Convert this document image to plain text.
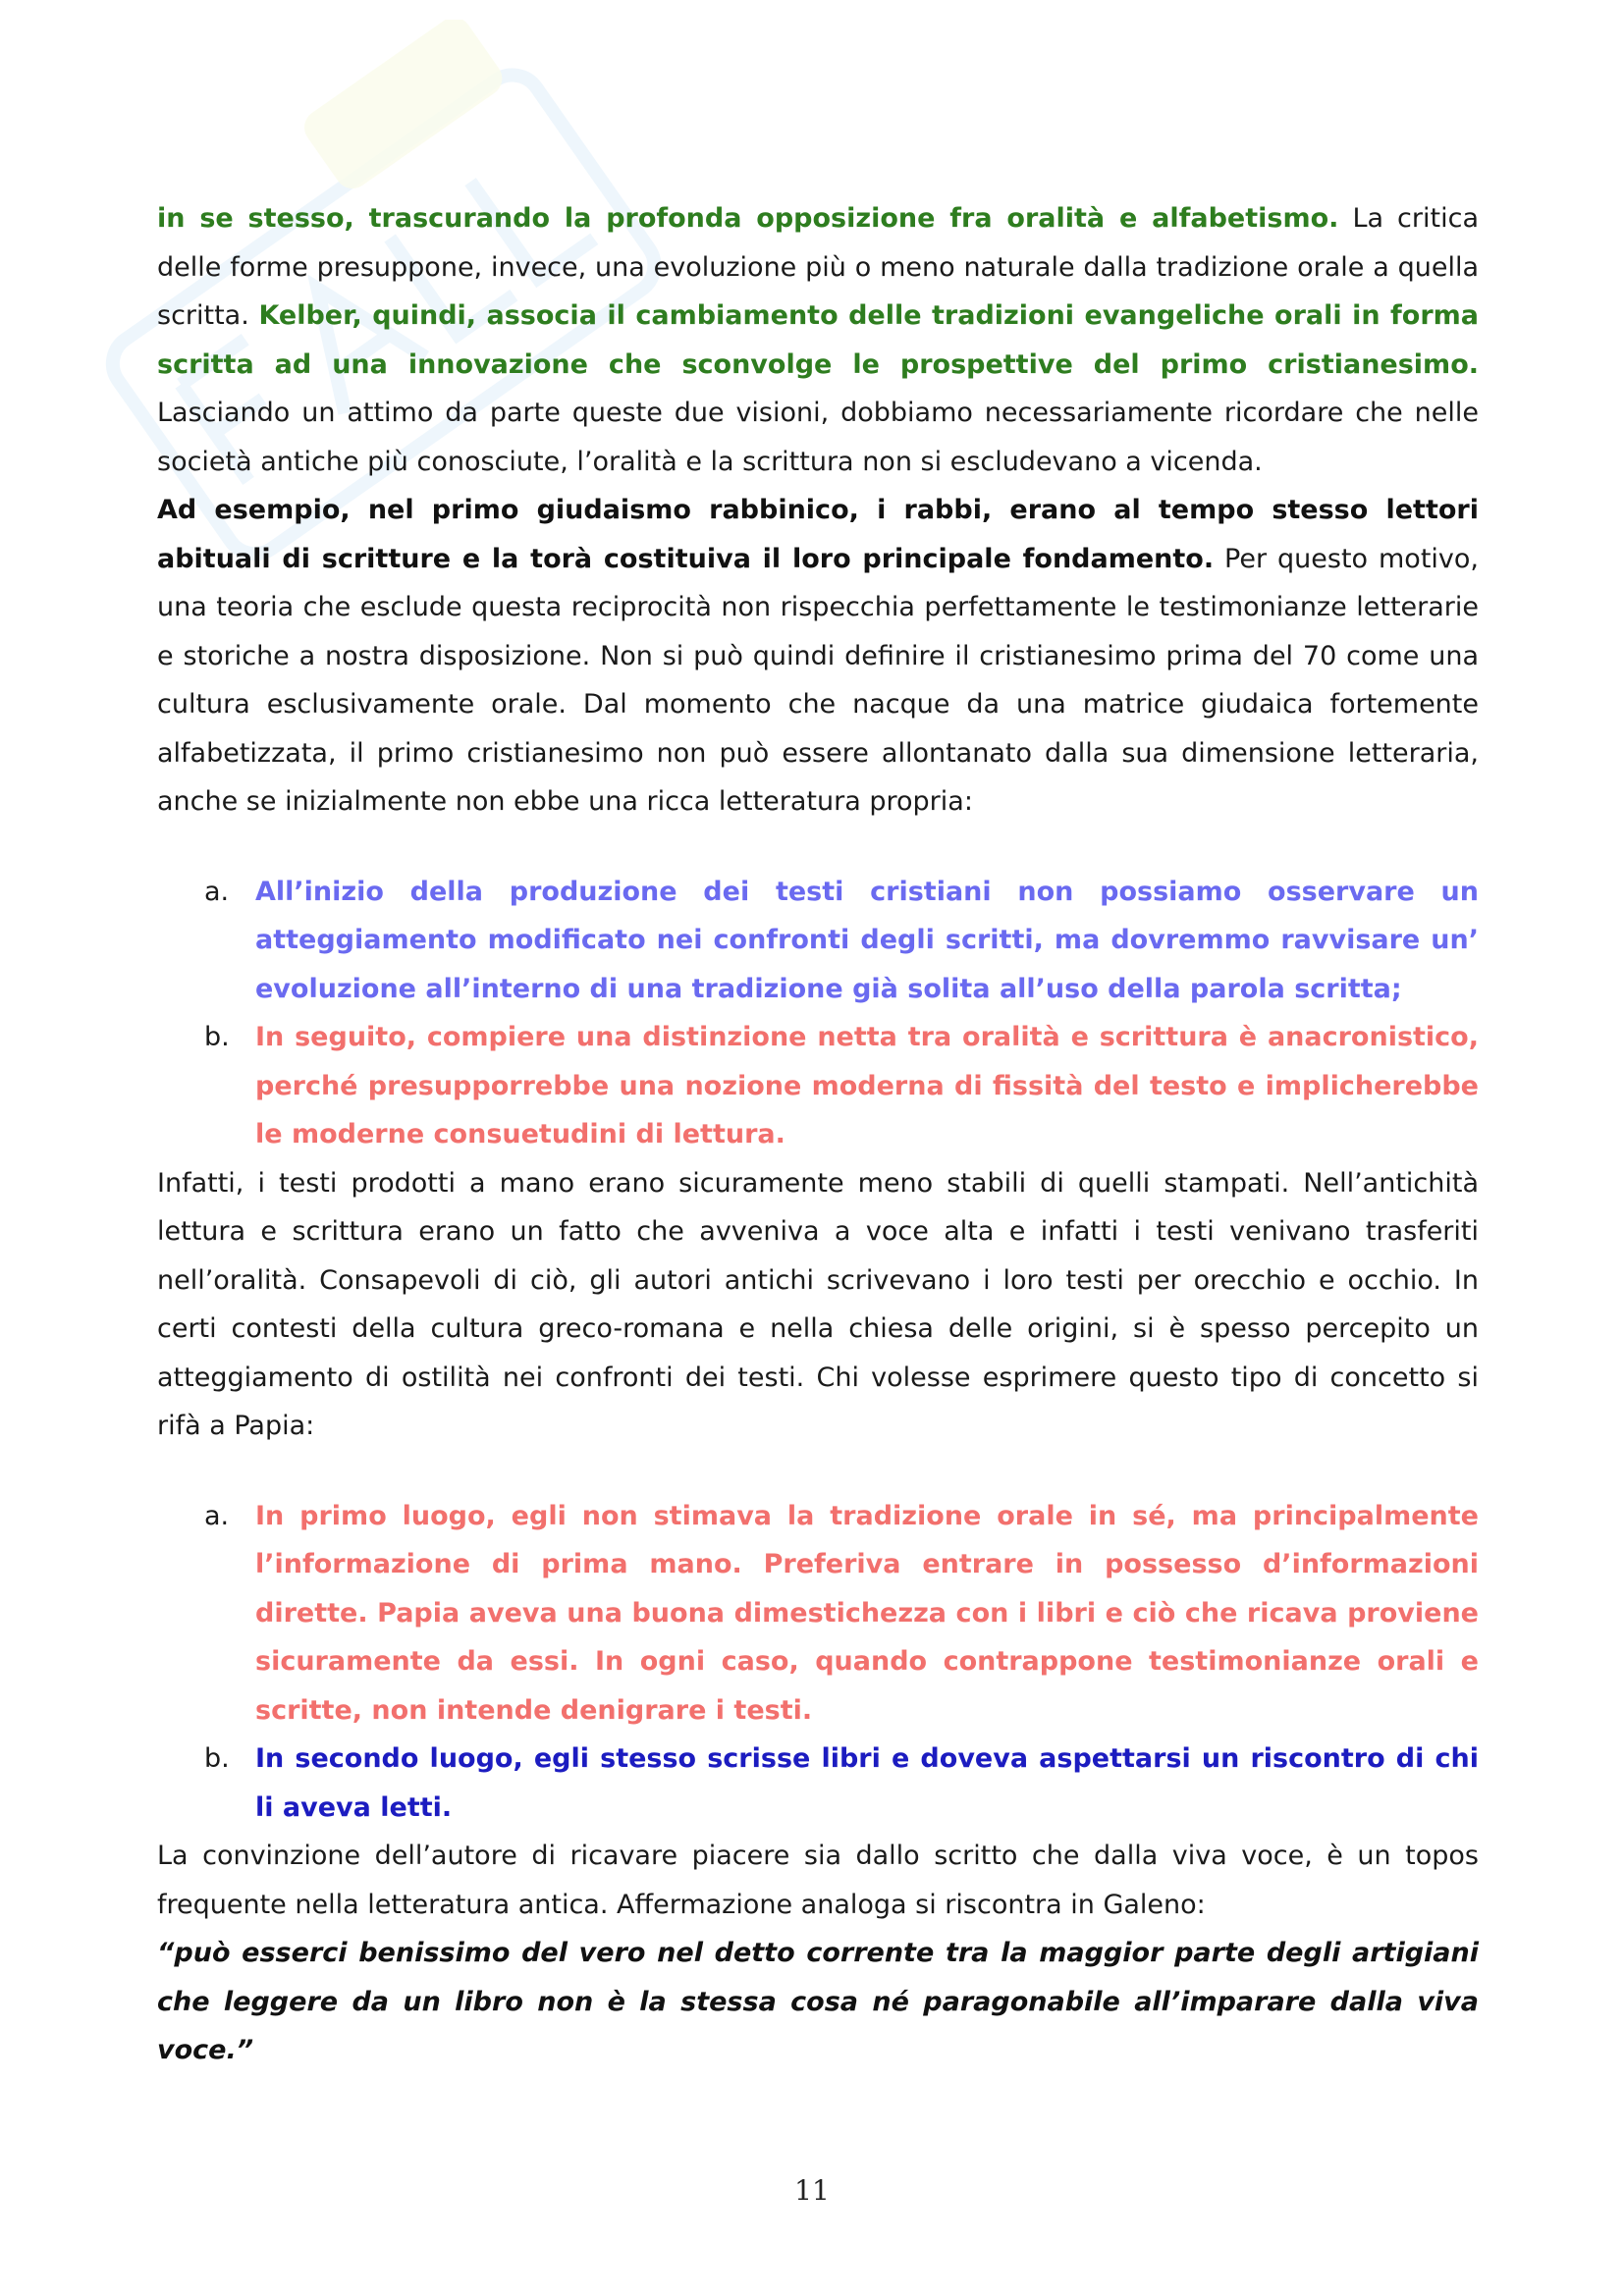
in se stesso, trascurando la profonda opposizione fra oralità e alfabetismo. La critica delle forme presuppone, invece, una evoluzione più o meno naturale dalla tradizione orale a quella scritta. Kelber, quindi, associa il cambiamento delle tradizioni evangeliche orali in forma scritta ad una innovazione che sconvolge le prospettive del primo cristianesimo. Lasciando un attimo da parte queste due visioni, dobbiamo necessariamente ricordare che nelle società antiche più conosciute, l’oralità e la scrittura non si escludevano a vicenda.

Ad esempio, nel primo giudaismo rabbinico, i rabbi, erano al tempo stesso lettori abituali di scritture e la torà costituiva il loro principale fondamento. Per questo motivo, una teoria che esclude questa reciprocità non rispecchia perfettamente le testimonianze letterarie e storiche a nostra disposizione. Non si può quindi definire il cristianesimo prima del 70 come una cultura esclusivamente orale. Dal momento che nacque da una matrice giudaica fortemente alfabetizzata, il primo cristianesimo non può essere allontanato dalla sua dimensione letteraria, anche se inizialmente non ebbe una ricca letteratura propria:

a. All’inizio della produzione dei testi cristiani non possiamo osservare un atteggiamento modificato nei confronti degli scritti, ma dovremmo ravvisare un’ evoluzione all’interno di una tradizione già solita all’uso della parola scritta;
b. In seguito, compiere una distinzione netta tra oralità e scrittura è anacronistico, perché presupporrebbe una nozione moderna di fissità del testo e implicherebbe le moderne consuetudini di lettura.

Infatti, i testi prodotti a mano erano sicuramente meno stabili di quelli stampati. Nell’antichità lettura e scrittura erano un fatto che avveniva a voce alta e infatti i testi venivano trasferiti nell’oralità. Consapevoli di ciò, gli autori antichi scrivevano i loro testi per orecchio e occhio. In certi contesti della cultura greco-romana e nella chiesa delle origini, si è spesso percepito un atteggiamento di ostilità nei confronti dei testi. Chi volesse esprimere questo tipo di concetto si rifà a Papia:

a. In primo luogo, egli non stimava la tradizione orale in sé, ma principalmente l’informazione di prima mano. Preferiva entrare in possesso d’informazioni dirette. Papia aveva una buona dimestichezza con i libri e ciò che ricava proviene sicuramente da essi. In ogni caso, quando contrappone testimonianze orali e scritte, non intende denigrare i testi.
b. In secondo luogo, egli stesso scrisse libri e doveva aspettarsi un riscontro di chi li aveva letti.

La convinzione dell’autore di ricavare piacere sia dallo scritto che dalla viva voce, è un topos frequente nella letteratura antica. Affermazione analoga si riscontra in Galeno:

“può esserci benissimo del vero nel detto corrente tra la maggior parte degli artigiani che leggere da un libro non è la stessa cosa né paragonabile all’imparare dalla viva voce.”

11
